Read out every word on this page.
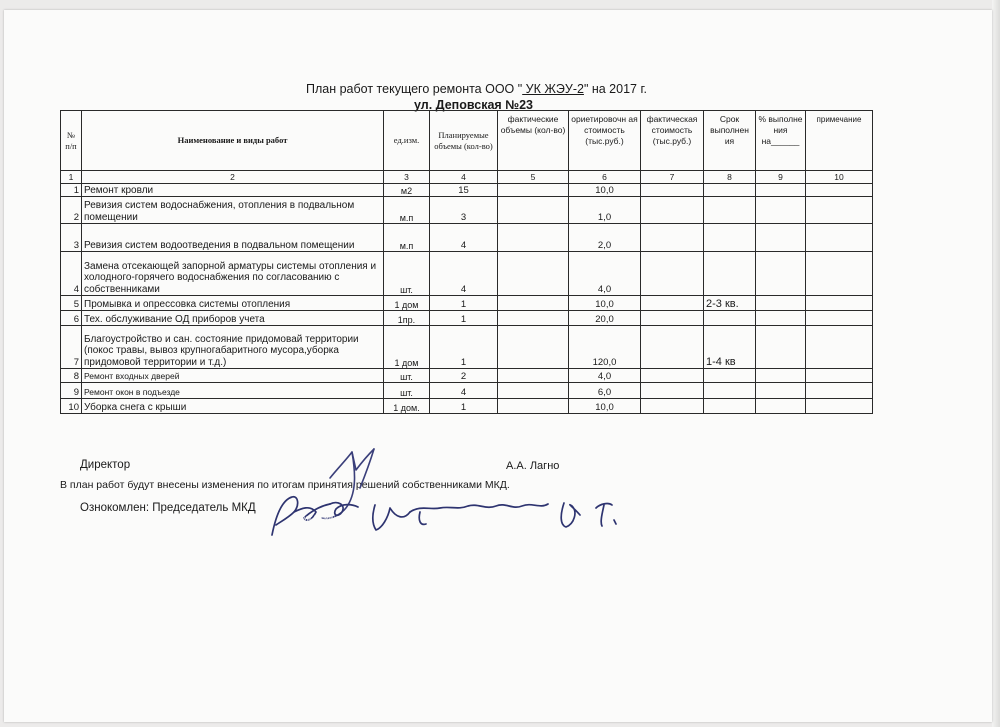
План работ текущего ремонта ООО " УК ЖЭУ-2" на 2017 г.
ул. Деповская №23
№ п/п	Наименование и виды работ	ед.изм.	Планируемые объемы (кол-во)	фактические объемы (кол-во)	ориетировочн ая стоимость (тыс.руб.)	фактическая стоимость (тыс.руб.)	Срок выполнен ия	% выполне ния на______	примечание
1	2	3	4	5	6	7	8	9	10
1	Ремонт кровли	м2	15		10,0				
2	Ревизия систем водоснабжения, отопления в подвальном помещении	м.п	3		1,0				
3	Ревизия систем водоотведения в подвальном помещении	м.п	4		2,0				
4	Замена отсекающей запорной арматуры системы отопления и холодного-горячего водоснабжения по согласованию с собственниками	шт.	4		4,0				
5	Промывка и опрессовка системы отопления	1 дом	1		10,0		2-3 кв.		
6	Тех. обслуживание ОД приборов учета	1пр.	1		20,0				
7	Благоустройство и сан. состояние придомовай территории (покос травы, вывоз крупногабаритного мусора,уборка придомовой территории и т.д.)	1 дом	1		120,0		1-4 кв		
8	Ремонт входных дверей	шт.	2		4,0				
9	Ремонт окон в подъезде	шт.	4		6,0				
10	Уборка снега с крыши	1 дом.	1		10,0				
Директор	А.А. Лагно
В план работ будут внесены изменения по итогам принятия решений собственниками МКД.
Ознокомлен: Председатель МКД
Бург Бармина В.Г.
